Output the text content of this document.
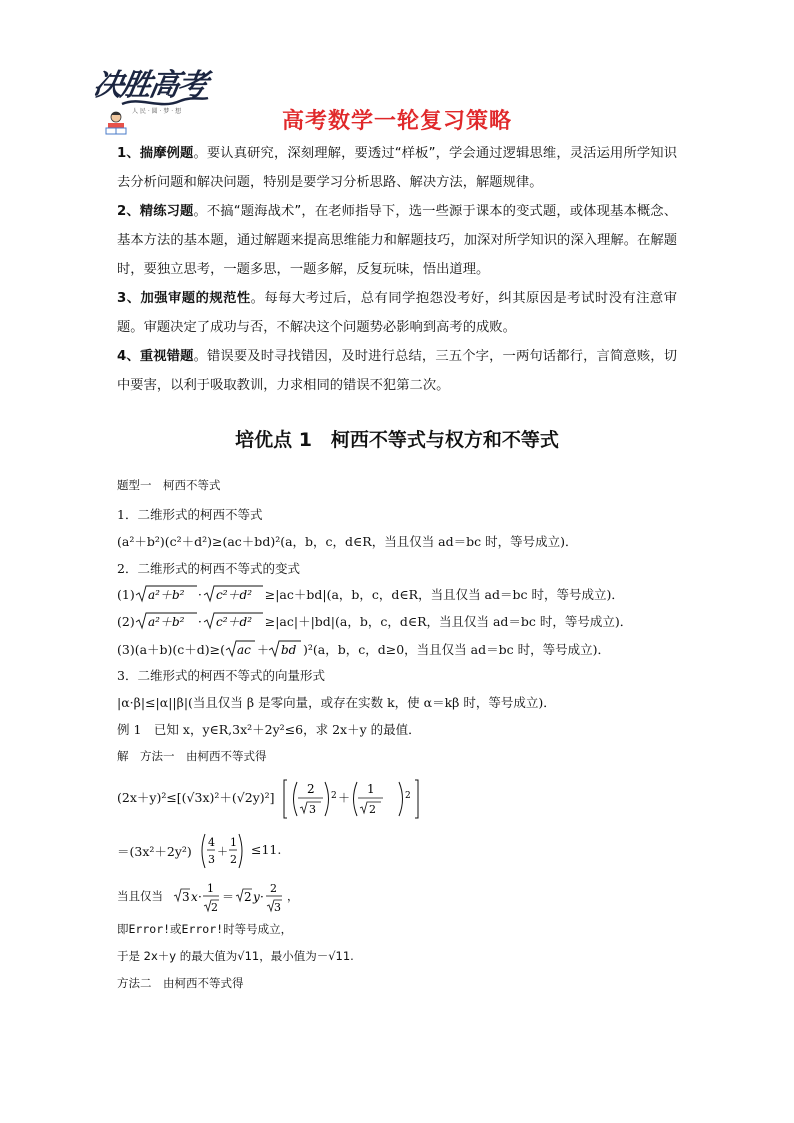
决胜高考
人 民 · 圆 · 梦 · 想	高考数学一轮复习策略
1、揣摩例题。要认真研究，深刻理解，要透过“样板”，学会通过逻辑思维，灵活运用所学知识去分析问题和解决问题，特别是要学习分析思路、解决方法，解题规律。
2、精练习题。不搞“题海战术”，在老师指导下，选一些源于课本的变式题，或体现基本概念、基本方法的基本题，通过解题来提高思维能力和解题技巧，加深对所学知识的深入理解。在解题时，要独立思考，一题多思，一题多解，反复玩味，悟出道理。
3、加强审题的规范性。每每大考过后，总有同学抱怨没考好，纠其原因是考试时没有注意审题。审题决定了成功与否，不解决这个问题势必影响到高考的成败。
4、重视错题。错误要及时寻找错因，及时进行总结，三五个字，一两句话都行，言简意赅，切中要害，以利于吸取教训，力求相同的错误不犯第二次。
培优点 1　柯西不等式与权方和不等式
题型一　柯西不等式
1．二维形式的柯西不等式
(a²＋b²)(c²＋d²)≥(ac＋bd)²(a，b，c，d∈R，当且仅当 ad＝bc 时，等号成立)．
2．二维形式的柯西不等式的变式
(1) a²＋b² · c²＋d² ≥|ac＋bd|(a，b，c，d∈R，当且仅当 ad＝bc 时，等号成立)．
(2) a²＋b² · c²＋d² ≥|ac|＋|bd|(a，b，c，d∈R，当且仅当 ad＝bc 时，等号成立)．
(3)(a＋b)(c＋d)≥( ac ＋ bd )²(a，b，c，d≥0，当且仅当 ad＝bc 时，等号成立)．
3．二维形式的柯西不等式的向量形式
|α·β|≤|α||β|(当且仅当 β 是零向量，或存在实数 k，使 α＝kβ 时，等号成立)．
例 1　已知 x，y∈R,3x²＋2y²≤6，求 2x＋y 的最值．
解　方法一　由柯西不等式得
(2x＋y)²≤[(√3x)²＋(√2y)²]
2
3
2 ＋
1
2
2
＝(3x²＋2y²)
4
3
＋
1
2
≤11.
当且仅当 3 x ·
1
2
＝ 2 y ·
2
3
，
即Error!或Error!时等号成立，
于是 2x＋y 的最大值为√11，最小值为－√11.
方法二　由柯西不等式得
